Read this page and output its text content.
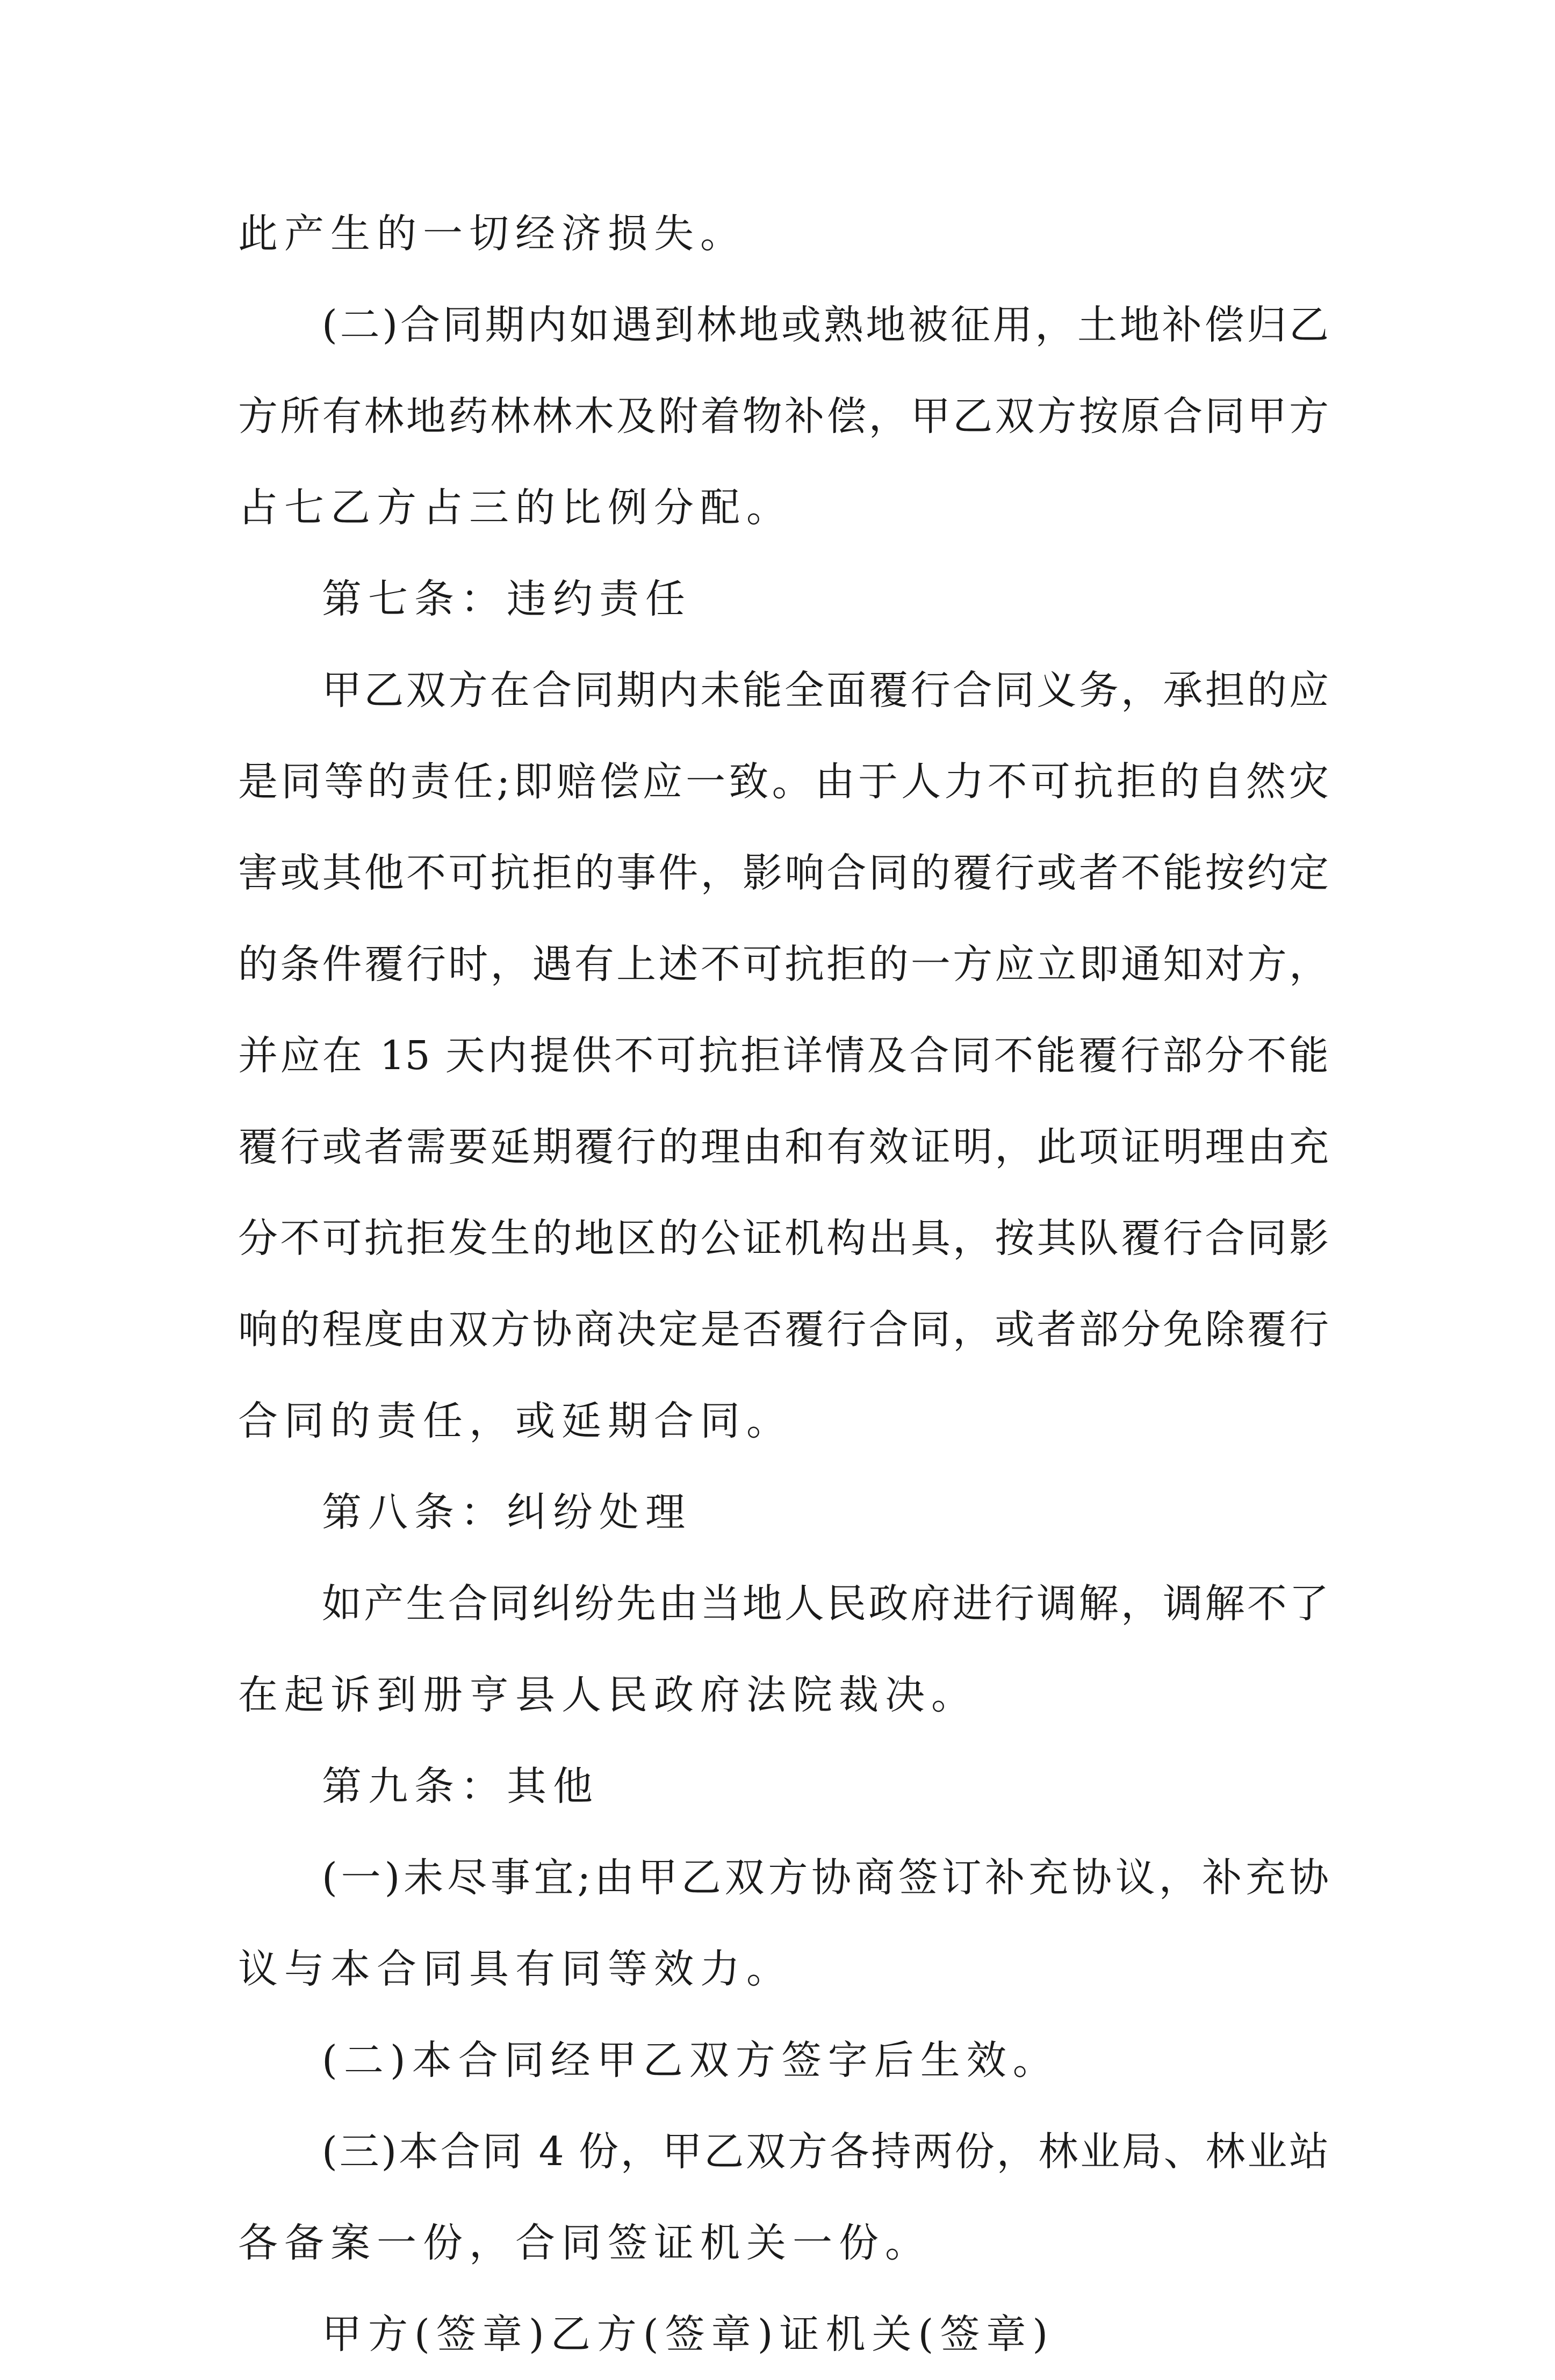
此产生的一切经济损失。
(二)合同期内如遇到林地或熟地被征用，土地补偿归乙
方所有林地药林林木及附着物补偿，甲乙双方按原合同甲方
占七乙方占三的比例分配。
第七条：违约责任
甲乙双方在合同期内未能全面覆行合同义务，承担的应
是同等的责任;即赔偿应一致。由于人力不可抗拒的自然灾
害或其他不可抗拒的事件，影响合同的覆行或者不能按约定
的条件覆行时，遇有上述不可抗拒的一方应立即通知对方，
并应在 15 天内提供不可抗拒详情及合同不能覆行部分不能
覆行或者需要延期覆行的理由和有效证明，此项证明理由充
分不可抗拒发生的地区的公证机构出具，按其队覆行合同影
响的程度由双方协商决定是否覆行合同，或者部分免除覆行
合同的责任，或延期合同。
第八条：纠纷处理
如产生合同纠纷先由当地人民政府进行调解，调解不了
在起诉到册亨县人民政府法院裁决。
第九条：其他
(一)未尽事宜;由甲乙双方协商签订补充协议，补充协
议与本合同具有同等效力。
(二)本合同经甲乙双方签字后生效。
(三)本合同 4 份，甲乙双方各持两份，林业局、林业站
各备案一份，合同签证机关一份。
甲方(签章)乙方(签章)证机关(签章)
